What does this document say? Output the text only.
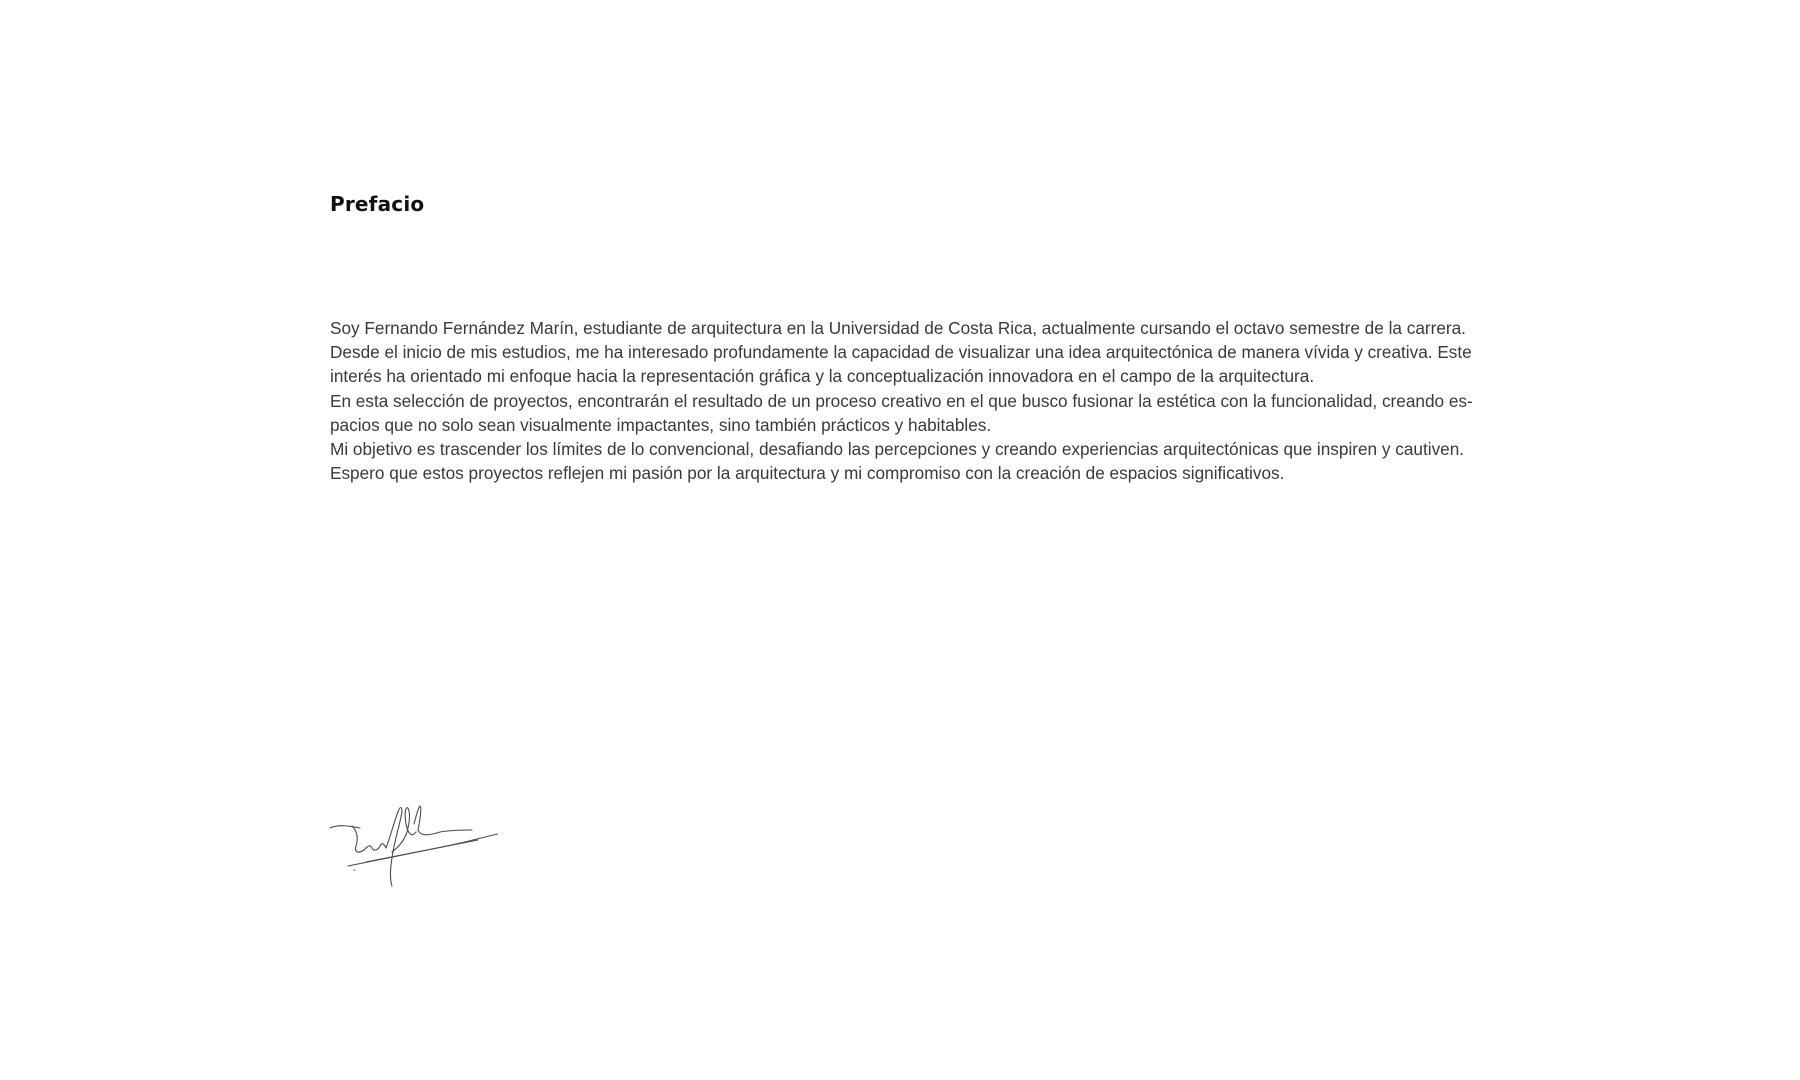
Prefacio
Soy Fernando Fernández Marín, estudiante de arquitectura en la Universidad de Costa Rica, actualmente cursando el octavo semestre de la carrera.
Desde el inicio de mis estudios, me ha interesado profundamente la capacidad de visualizar una idea arquitectónica de manera vívida y creativa. Este
interés ha orientado mi enfoque hacia la representación gráfica y la conceptualización innovadora en el campo de la arquitectura.
En esta selección de proyectos, encontrarán el resultado de un proceso creativo en el que busco fusionar la estética con la funcionalidad, creando es-
pacios que no solo sean visualmente impactantes, sino también prácticos y habitables.
Mi objetivo es trascender los límites de lo convencional, desafiando las percepciones y creando experiencias arquitectónicas que inspiren y cautiven.
Espero que estos proyectos reflejen mi pasión por la arquitectura y mi compromiso con la creación de espacios significativos.
